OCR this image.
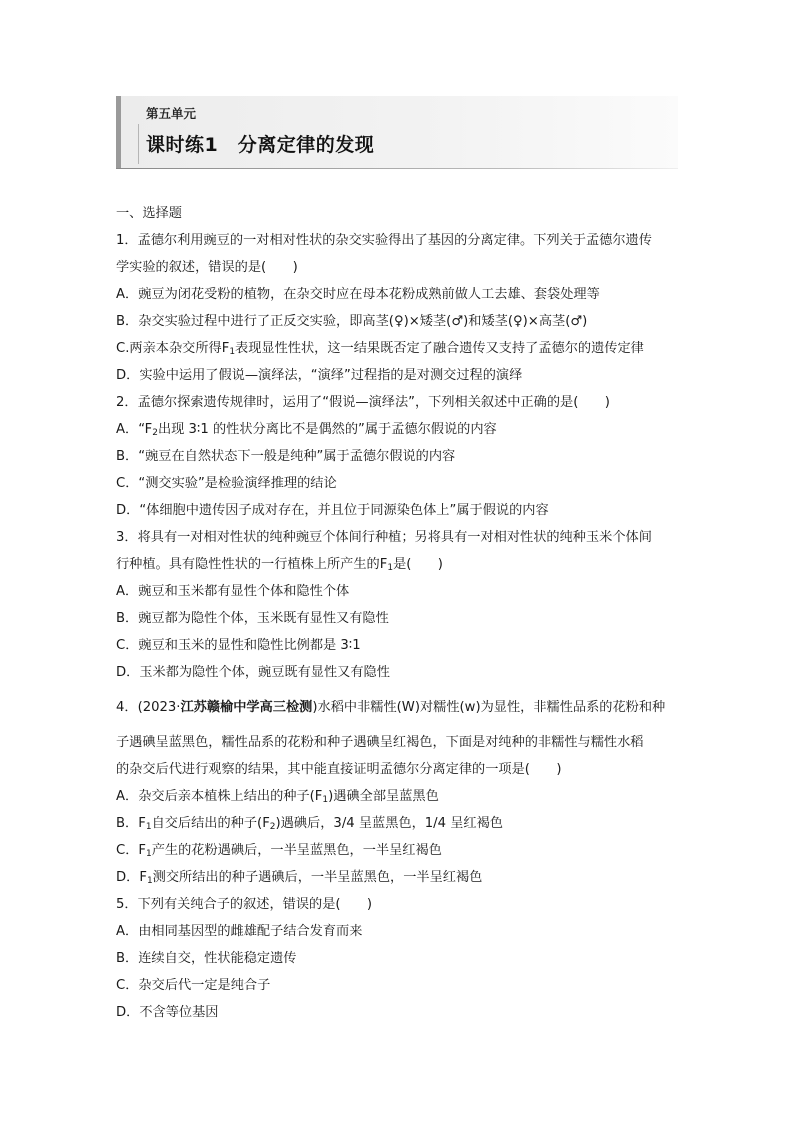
第五单元
课时练1　分离定律的发现
一、选择题
1．孟德尔利用豌豆的一对相对性状的杂交实验得出了基因的分离定律。下列关于孟德尔遗传
学实验的叙述，错误的是(　　)
A．豌豆为闭花受粉的植物，在杂交时应在母本花粉成熟前做人工去雄、套袋处理等
B．杂交实验过程中进行了正反交实验，即高茎(♀)×矮茎(♂)和矮茎(♀)×高茎(♂)
C.两亲本杂交所得$F_1$表现显性性状，这一结果既否定了融合遗传又支持了孟德尔的遗传定律
D．实验中运用了假说—演绎法，“演绎”过程指的是对测交过程的演绎
2．孟德尔探索遗传规律时，运用了“假说—演绎法”，下列相关叙述中正确的是(　　)
A．“$F_2$出现 3∶1 的性状分离比不是偶然的”属于孟德尔假说的内容
B．“豌豆在自然状态下一般是纯种”属于孟德尔假说的内容
C．“测交实验”是检验演绎推理的结论
D．“体细胞中遗传因子成对存在，并且位于同源染色体上”属于假说的内容
3．将具有一对相对性状的纯种豌豆个体间行种植；另将具有一对相对性状的纯种玉米个体间
行种植。具有隐性性状的一行植株上所产生的$F_1$是(　　)
A．豌豆和玉米都有显性个体和隐性个体
B．豌豆都为隐性个体，玉米既有显性又有隐性
C．豌豆和玉米的显性和隐性比例都是 3∶1
D．玉米都为隐性个体，豌豆既有显性又有隐性
4．(2023·江苏赣榆中学高三检测)水稻中非糯性(W)对糯性(w)为显性，非糯性品系的花粉和种
子遇碘呈蓝黑色，糯性品系的花粉和种子遇碘呈红褐色，下面是对纯种的非糯性与糯性水稻
的杂交后代进行观察的结果，其中能直接证明孟德尔分离定律的一项是(　　)
A．杂交后亲本植株上结出的种子$(F_1)$遇碘全部呈蓝黑色
B．$F_1$自交后结出的种子$(F_2)$遇碘后，3/4 呈蓝黑色，1/4 呈红褐色
C．$F_1$产生的花粉遇碘后，一半呈蓝黑色，一半呈红褐色
D．$F_1$测交所结出的种子遇碘后，一半呈蓝黑色，一半呈红褐色
5．下列有关纯合子的叙述，错误的是(　　)
A．由相同基因型的雌雄配子结合发育而来
B．连续自交，性状能稳定遗传
C．杂交后代一定是纯合子
D．不含等位基因
